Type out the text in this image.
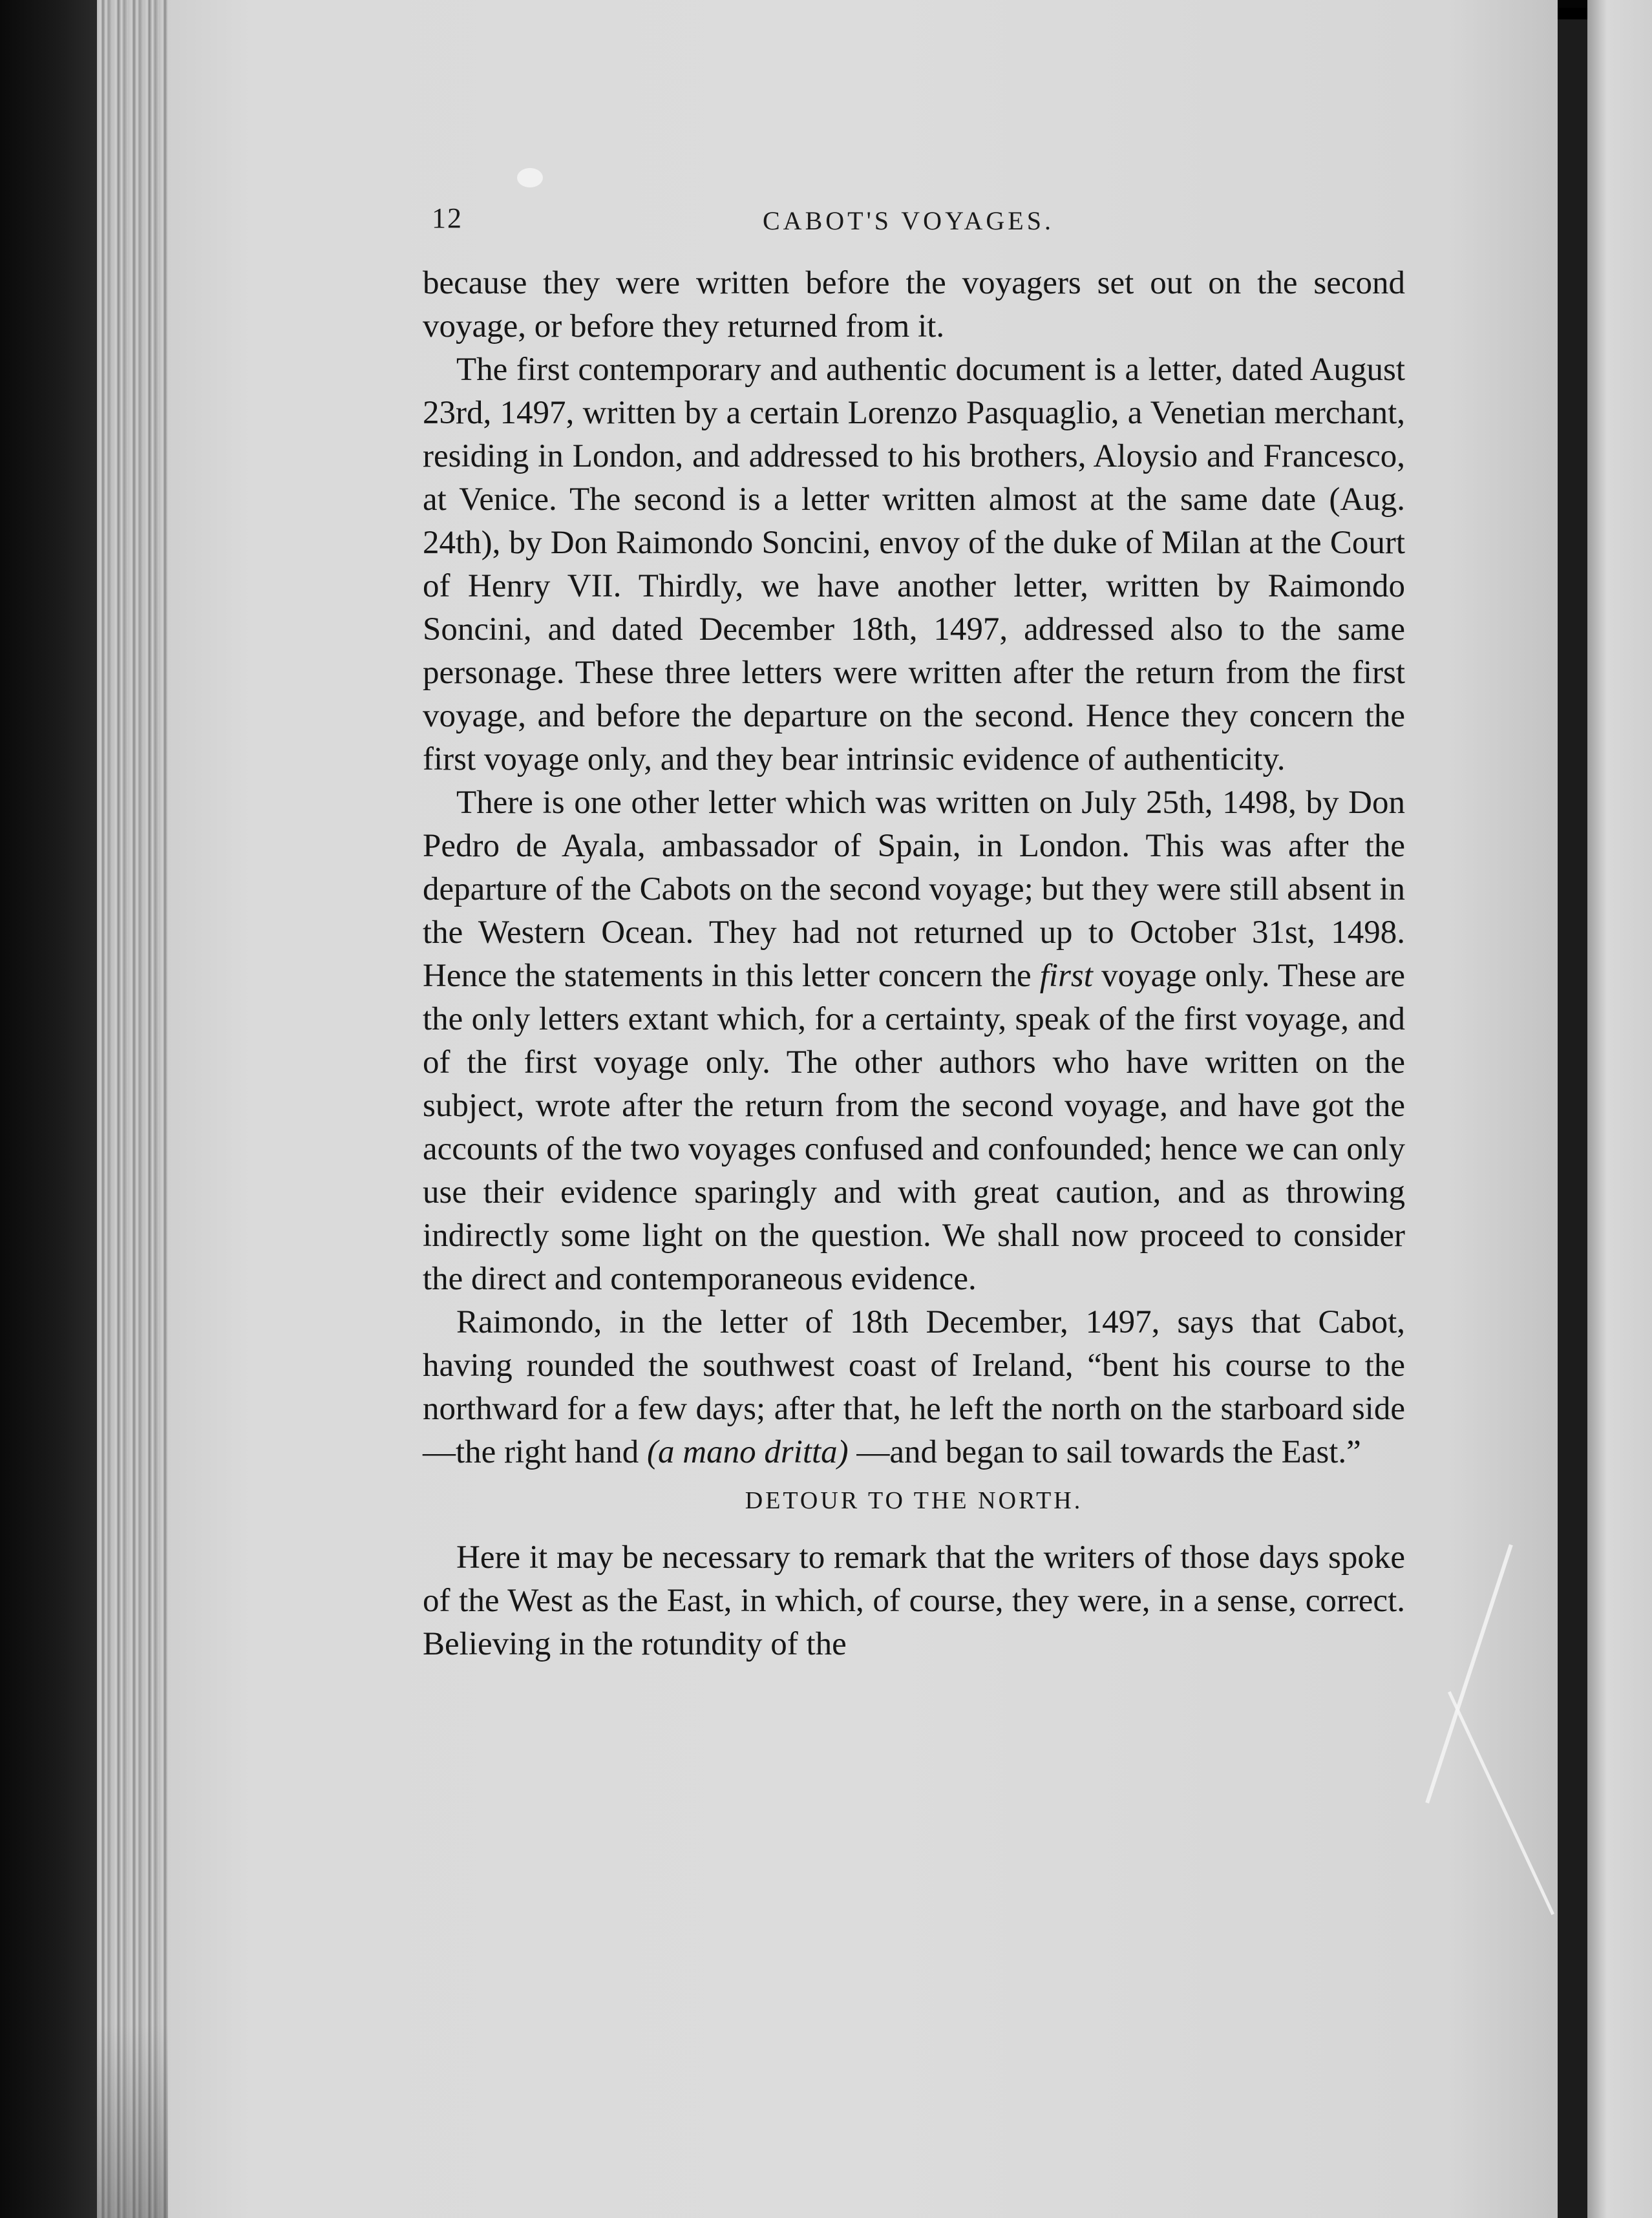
12	CABOT'S VOYAGES.

because they were written before the voyagers set out on the second voyage, or before they returned from it.

The first contemporary and authentic document is a letter, dated August 23rd, 1497, written by a certain Lorenzo Pasquaglio, a Venetian merchant, residing in London, and addressed to his brothers, Aloysio and Francesco, at Venice. The second is a letter written almost at the same date (Aug. 24th), by Don Raimondo Soncini, envoy of the duke of Milan at the Court of Henry VII. Thirdly, we have another letter, written by Raimondo Soncini, and dated December 18th, 1497, addressed also to the same personage. These three letters were written after the return from the first voyage, and before the departure on the second. Hence they concern the first voyage only, and they bear intrinsic evidence of authenticity.

There is one other letter which was written on July 25th, 1498, by Don Pedro de Ayala, ambassador of Spain, in London. This was after the departure of the Cabots on the second voyage; but they were still absent in the Western Ocean. They had not returned up to October 31st, 1498. Hence the statements in this letter concern the first voyage only. These are the only letters extant which, for a certainty, speak of the first voyage, and of the first voyage only. The other authors who have written on the subject, wrote after the return from the second voyage, and have got the accounts of the two voyages confused and confounded; hence we can only use their evidence sparingly and with great caution, and as throwing indirectly some light on the question. We shall now proceed to consider the direct and contemporaneous evidence.

Raimondo, in the letter of 18th December, 1497, says that Cabot, having rounded the southwest coast of Ireland, “bent his course to the northward for a few days; after that, he left the north on the starboard side—the right hand (a mano dritta) —and began to sail towards the East.”

DETOUR TO THE NORTH.

Here it may be necessary to remark that the writers of those days spoke of the West as the East, in which, of course, they were, in a sense, correct. Believing in the rotundity of the
